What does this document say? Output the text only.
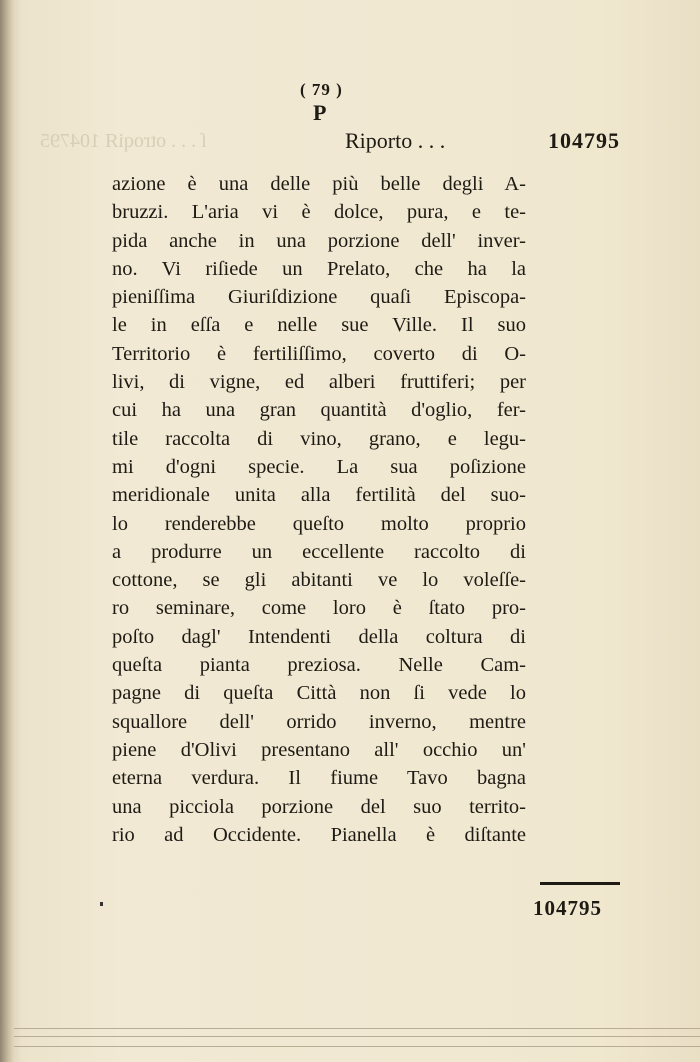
ſ . . . otroqiЯ 104795
( 79 )
P
Riporto . . .	104795
azione è una delle più belle degli A-
bruzzi. L'aria vi è dolce, pura, e te-
pida anche in una porzione dell' inver-
no. Vi riſiede un Prelato, che ha la
pieniſſima Giuriſdizione quaſi Episcopa-
le in eſſa e nelle sue Ville. Il suo
Territorio è fertiliſſimo, coverto di O-
livi, di vigne, ed alberi fruttiferi; per
cui ha una gran quantità d'oglio, fer-
tile raccolta di vino, grano, e legu-
mi d'ogni specie. La sua poſizione
meridionale unita alla fertilità del suo-
lo renderebbe queſto molto proprio
a produrre un eccellente raccolto di
cottone, se gli abitanti ve lo voleſſe-
ro seminare, come loro è ſtato pro-
poſto dagl' Intendenti della coltura di
queſta pianta preziosa. Nelle Cam-
pagne di queſta Città non ſi vede lo
squallore dell' orrido inverno, mentre
piene d'Olivi presentano all' occhio un'
eterna verdura. Il fiume Tavo bagna
una picciola porzione del suo territo-
rio ad Occidente. Pianella è diſtante
104795
